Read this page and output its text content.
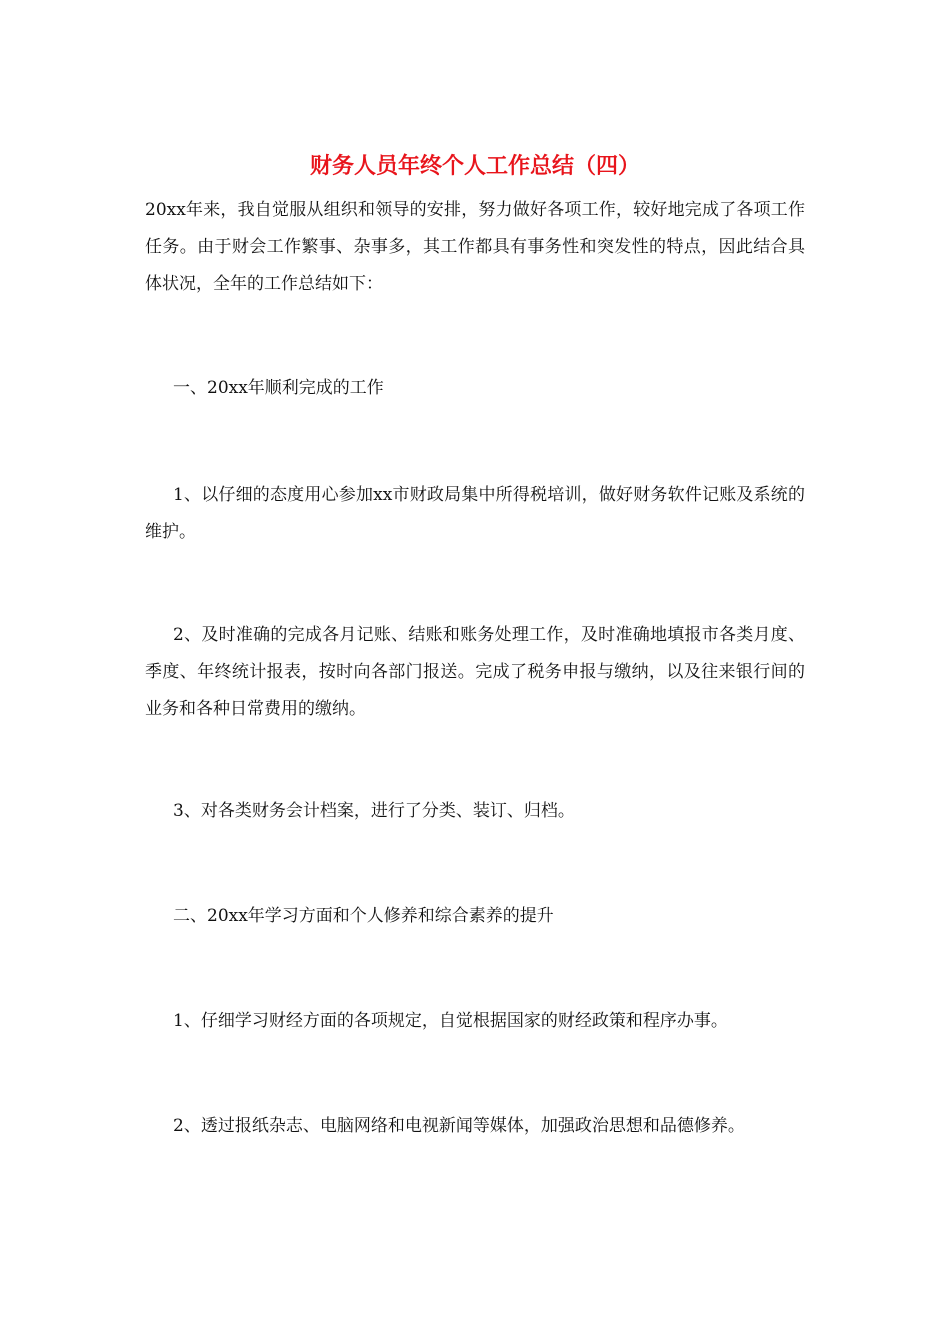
财务人员年终个人工作总结（四）

20xx年来，我自觉服从组织和领导的安排，努力做好各项工作，较好地完成了各项工作任务。由于财会工作繁事、杂事多，其工作都具有事务性和突发性的特点，因此结合具体状况，全年的工作总结如下：

一、20xx年顺利完成的工作

1、以仔细的态度用心参加xx市财政局集中所得税培训，做好财务软件记账及系统的维护。

2、及时准确的完成各月记账、结账和账务处理工作，及时准确地填报市各类月度、季度、年终统计报表，按时向各部门报送。完成了税务申报与缴纳，以及往来银行间的业务和各种日常费用的缴纳。

3、对各类财务会计档案，进行了分类、装订、归档。

二、20xx年学习方面和个人修养和综合素养的提升

1、仔细学习财经方面的各项规定，自觉根据国家的财经政策和程序办事。

2、透过报纸杂志、电脑网络和电视新闻等媒体，加强政治思想和品德修养。
